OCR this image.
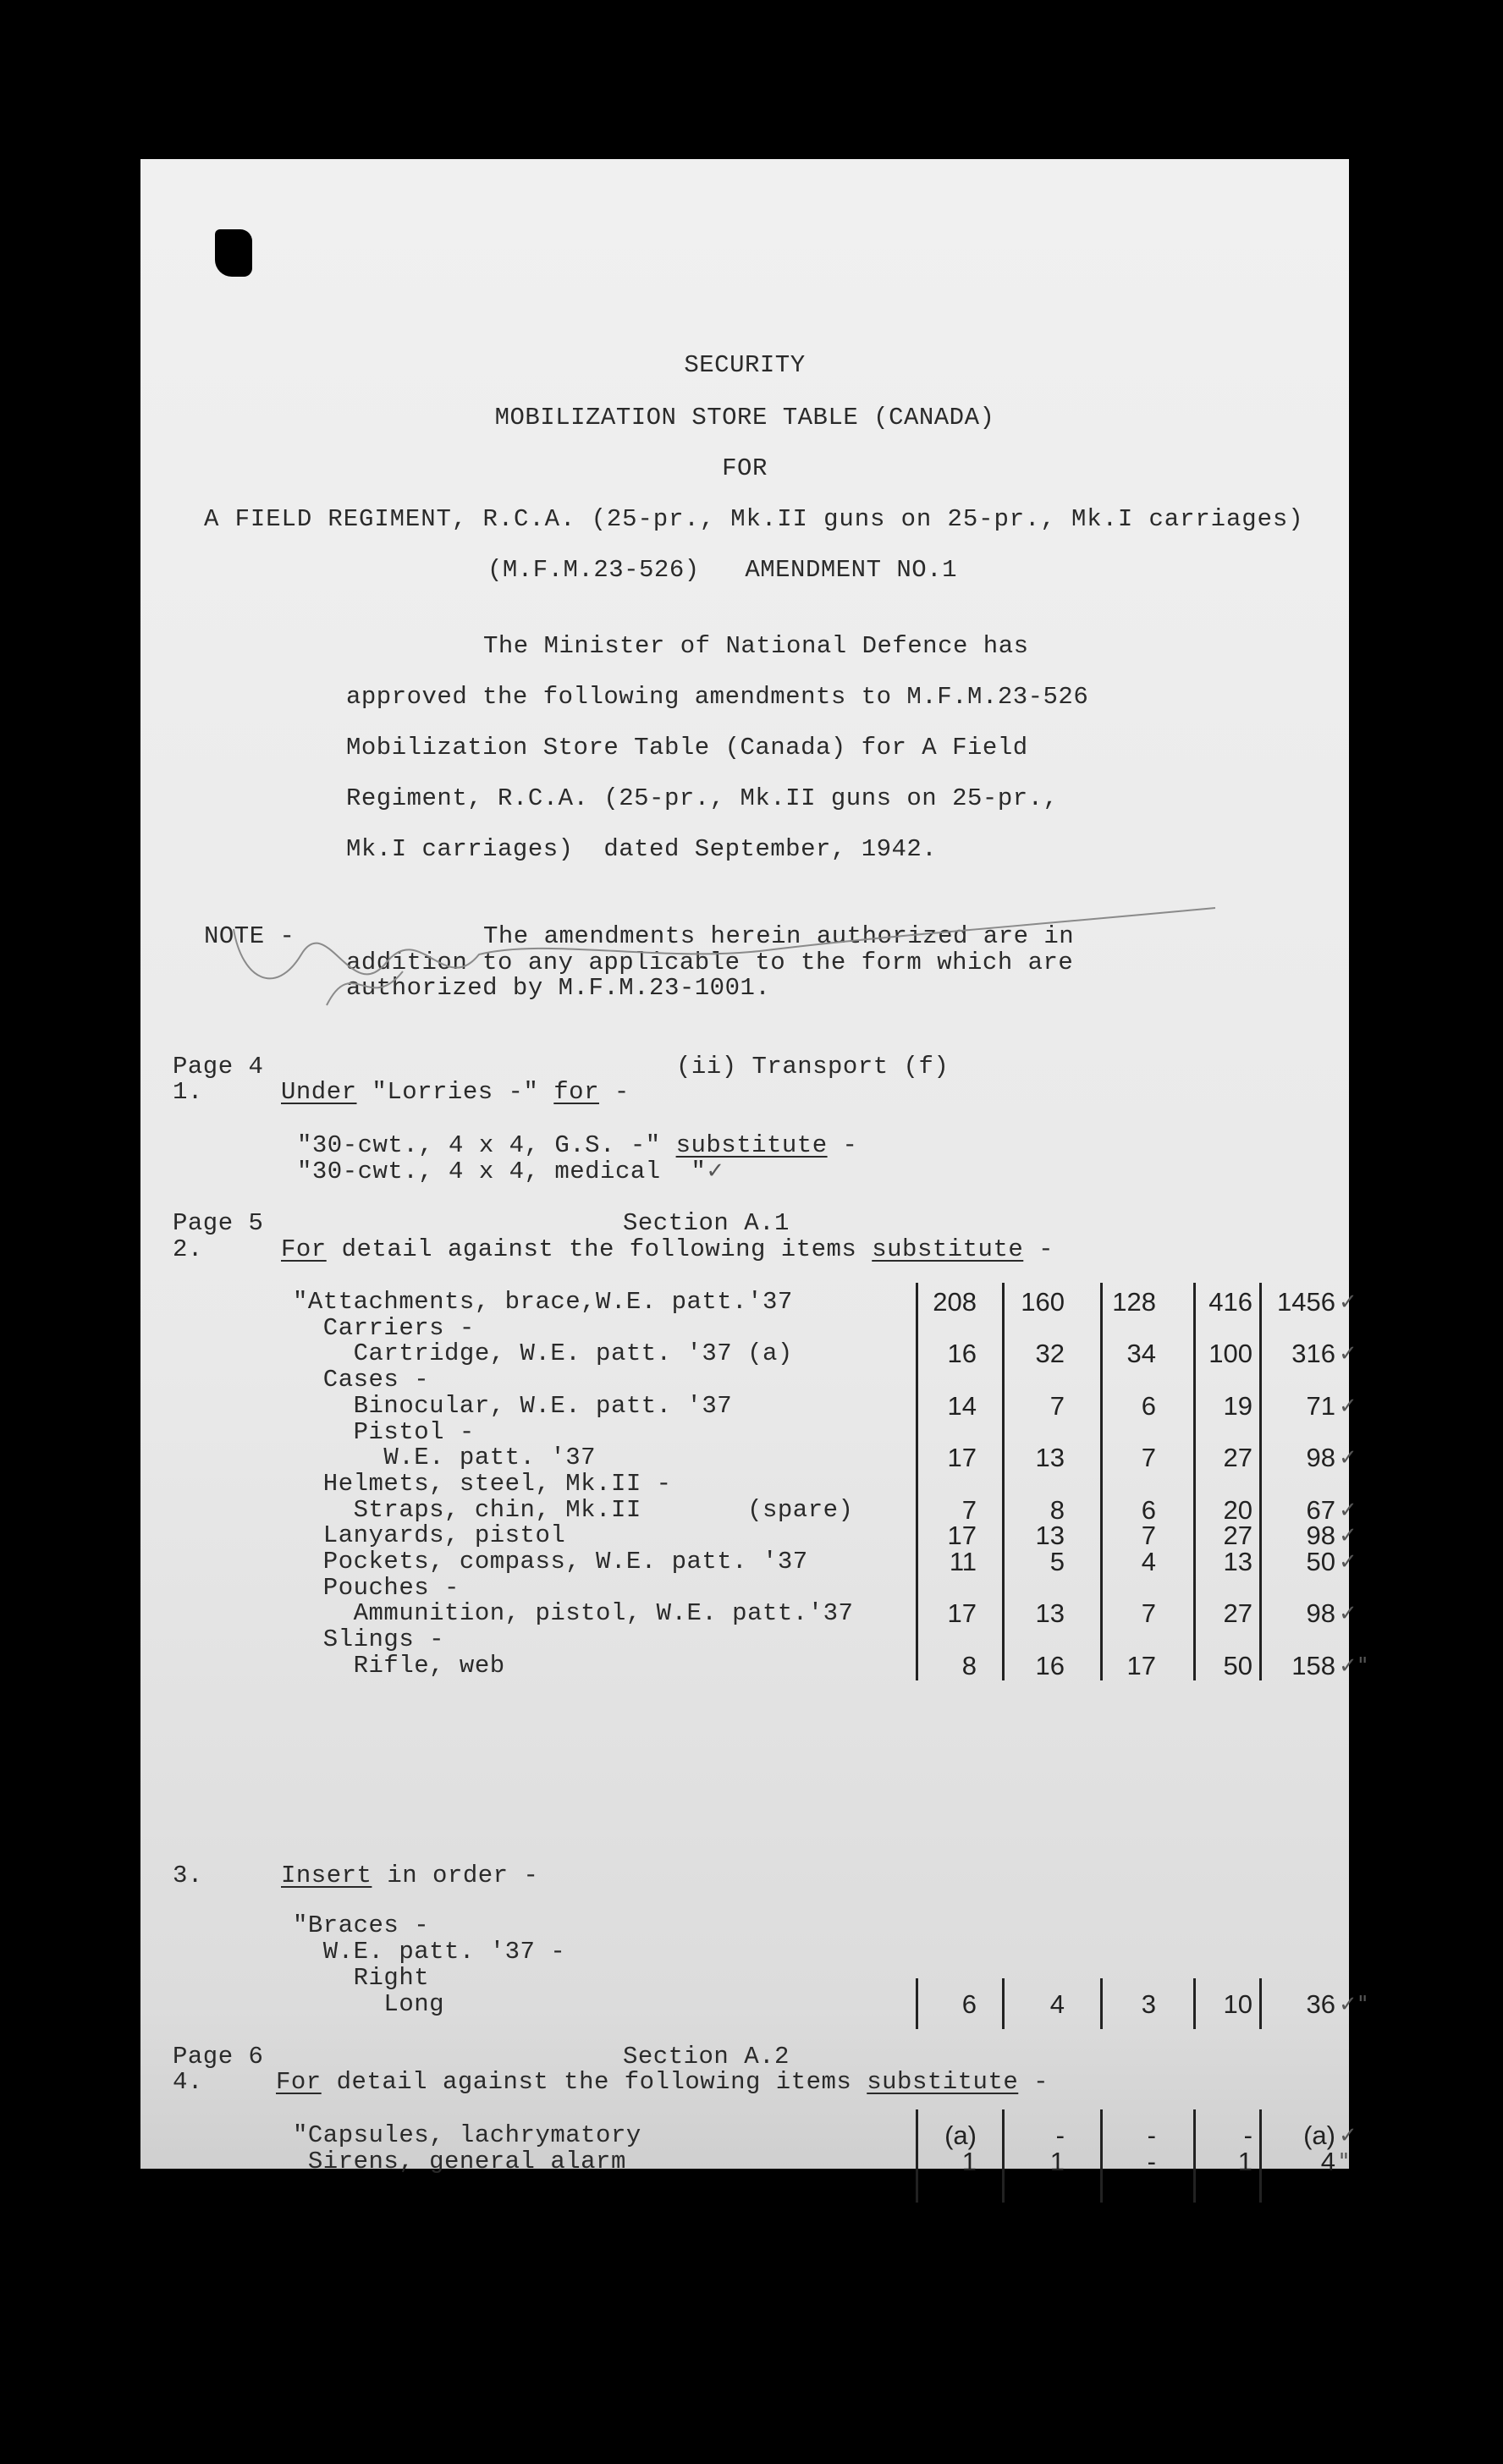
SECURITY
MOBILIZATION STORE TABLE (CANADA)
FOR
A FIELD REGIMENT, R.C.A. (25-pr., Mk.II guns on 25-pr., Mk.I carriages)
(M.F.M.23-526)   AMENDMENT NO.1
The Minister of National Defence has
approved the following amendments to M.F.M.23-526
Mobilization Store Table (Canada) for A Field
Regiment, R.C.A. (25-pr., Mk.II guns on 25-pr.,
Mk.I carriages)  dated September, 1942.
NOTE -	The amendments herein authorized are in
addition to any applicable to the form which are
authorized by M.F.M.23-1001.
Page 4	(ii) Transport (f)
1.	Under "Lorries -" for -
"30-cwt., 4 x 4, G.S. -" substitute -
"30-cwt., 4 x 4, medical  "✓
Page 5	Section A.1
2.	For detail against the following items substitute -
"Attachments, brace,W.E. patt.'37	208	160	128	416 1456 ✓
Carriers -
Cartridge, W.E. patt. '37 (a)	16	32	34	100	316 ✓
Cases -
Binocular, W.E. patt. '37	14	7	6	19	71 ✓
Pistol -
W.E. patt. '37	17	13	7	27	98 ✓
Helmets, steel, Mk.II -
Straps, chin, Mk.II       (spare)	7	8	6	20	67 ✓
Lanyards, pistol	17	13	7	27	98 ✓
Pockets, compass, W.E. patt. '37	11	5	4	13	50 ✓
Pouches -
Ammunition, pistol, W.E. patt.'37	17	13	7	27	98 ✓
Slings -
Rifle, web	8	16	17	50	158 ✓"
3.	Insert in order -
"Braces -
W.E. patt. '37 -
Right
Long	6	4	3	10	36 ✓"
Page 6	Section A.2
4.	For detail against the following items substitute -
"Capsules, lachrymatory	(a)	-	-	-	(a) ✓
Sirens, general alarm	1	1	-	1	4 "
